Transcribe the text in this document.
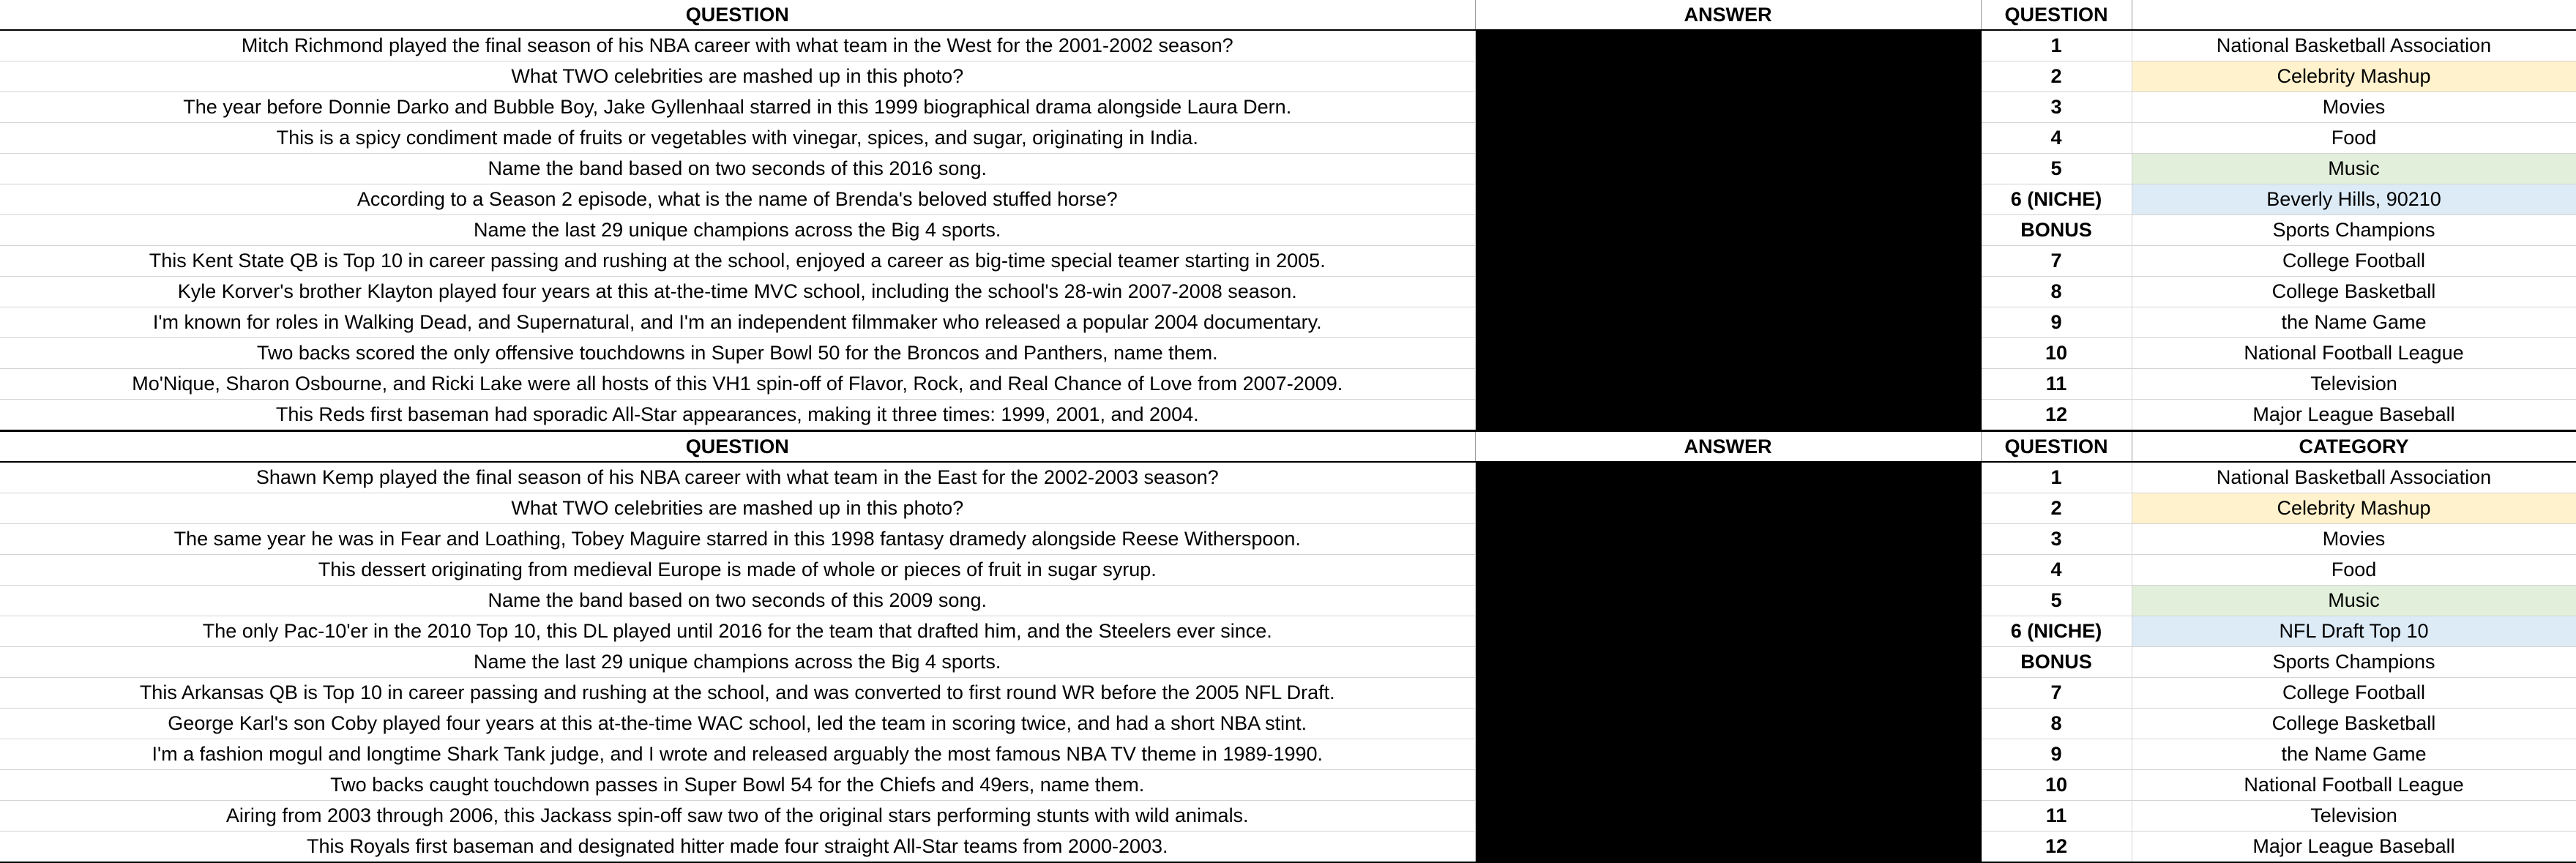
QUESTION	ANSWER	QUESTION	
Mitch Richmond played the final season of his NBA career with what team in the West for the 2001-2002 season?		1	National Basketball Association
What TWO celebrities are mashed up in this photo?		2	Celebrity Mashup
The year before Donnie Darko and Bubble Boy, Jake Gyllenhaal starred in this 1999 biographical drama alongside Laura Dern.		3	Movies
This is a spicy condiment made of fruits or vegetables with vinegar, spices, and sugar, originating in India.		4	Food
Name the band based on two seconds of this 2016 song.		5	Music
According to a Season 2 episode, what is the name of Brenda's beloved stuffed horse?		6 (NICHE)	Beverly Hills, 90210
Name the last 29 unique champions across the Big 4 sports.		BONUS	Sports Champions
This Kent State QB is Top 10 in career passing and rushing at the school, enjoyed a career as big-time special teamer starting in 2005.		7	College Football
Kyle Korver's brother Klayton played four years at this at-the-time MVC school, including the school's 28-win 2007-2008 season.		8	College Basketball
I'm known for roles in Walking Dead, and Supernatural, and I'm an independent filmmaker who released a popular 2004 documentary.		9	the Name Game
Two backs scored the only offensive touchdowns in Super Bowl 50 for the Broncos and Panthers, name them.		10	National Football League
Mo'Nique, Sharon Osbourne, and Ricki Lake were all hosts of this VH1 spin-off of Flavor, Rock, and Real Chance of Love from 2007-2009.		11	Television
This Reds first baseman had sporadic All-Star appearances, making it three times: 1999, 2001, and 2004.		12	Major League Baseball
QUESTION	ANSWER	QUESTION	CATEGORY
Shawn Kemp played the final season of his NBA career with what team in the East for the 2002-2003 season?		1	National Basketball Association
What TWO celebrities are mashed up in this photo?		2	Celebrity Mashup
The same year he was in Fear and Loathing, Tobey Maguire starred in this 1998 fantasy dramedy alongside Reese Witherspoon.		3	Movies
This dessert originating from medieval Europe is made of whole or pieces of fruit in sugar syrup.		4	Food
Name the band based on two seconds of this 2009 song.		5	Music
The only Pac-10'er in the 2010 Top 10, this DL played until 2016 for the team that drafted him, and the Steelers ever since.		6 (NICHE)	NFL Draft Top 10
Name the last 29 unique champions across the Big 4 sports.		BONUS	Sports Champions
This Arkansas QB is Top 10 in career passing and rushing at the school, and was converted to first round WR before the 2005 NFL Draft.		7	College Football
George Karl's son Coby played four years at this at-the-time WAC school, led the team in scoring twice, and had a short NBA stint.		8	College Basketball
I'm a fashion mogul and longtime Shark Tank judge, and I wrote and released arguably the most famous NBA TV theme in 1989-1990.		9	the Name Game
Two backs caught touchdown passes in Super Bowl 54 for the Chiefs and 49ers, name them.		10	National Football League
Airing from 2003 through 2006, this Jackass spin-off saw two of the original stars performing stunts with wild animals.		11	Television
This Royals first baseman and designated hitter made four straight All-Star teams from 2000-2003.		12	Major League Baseball
